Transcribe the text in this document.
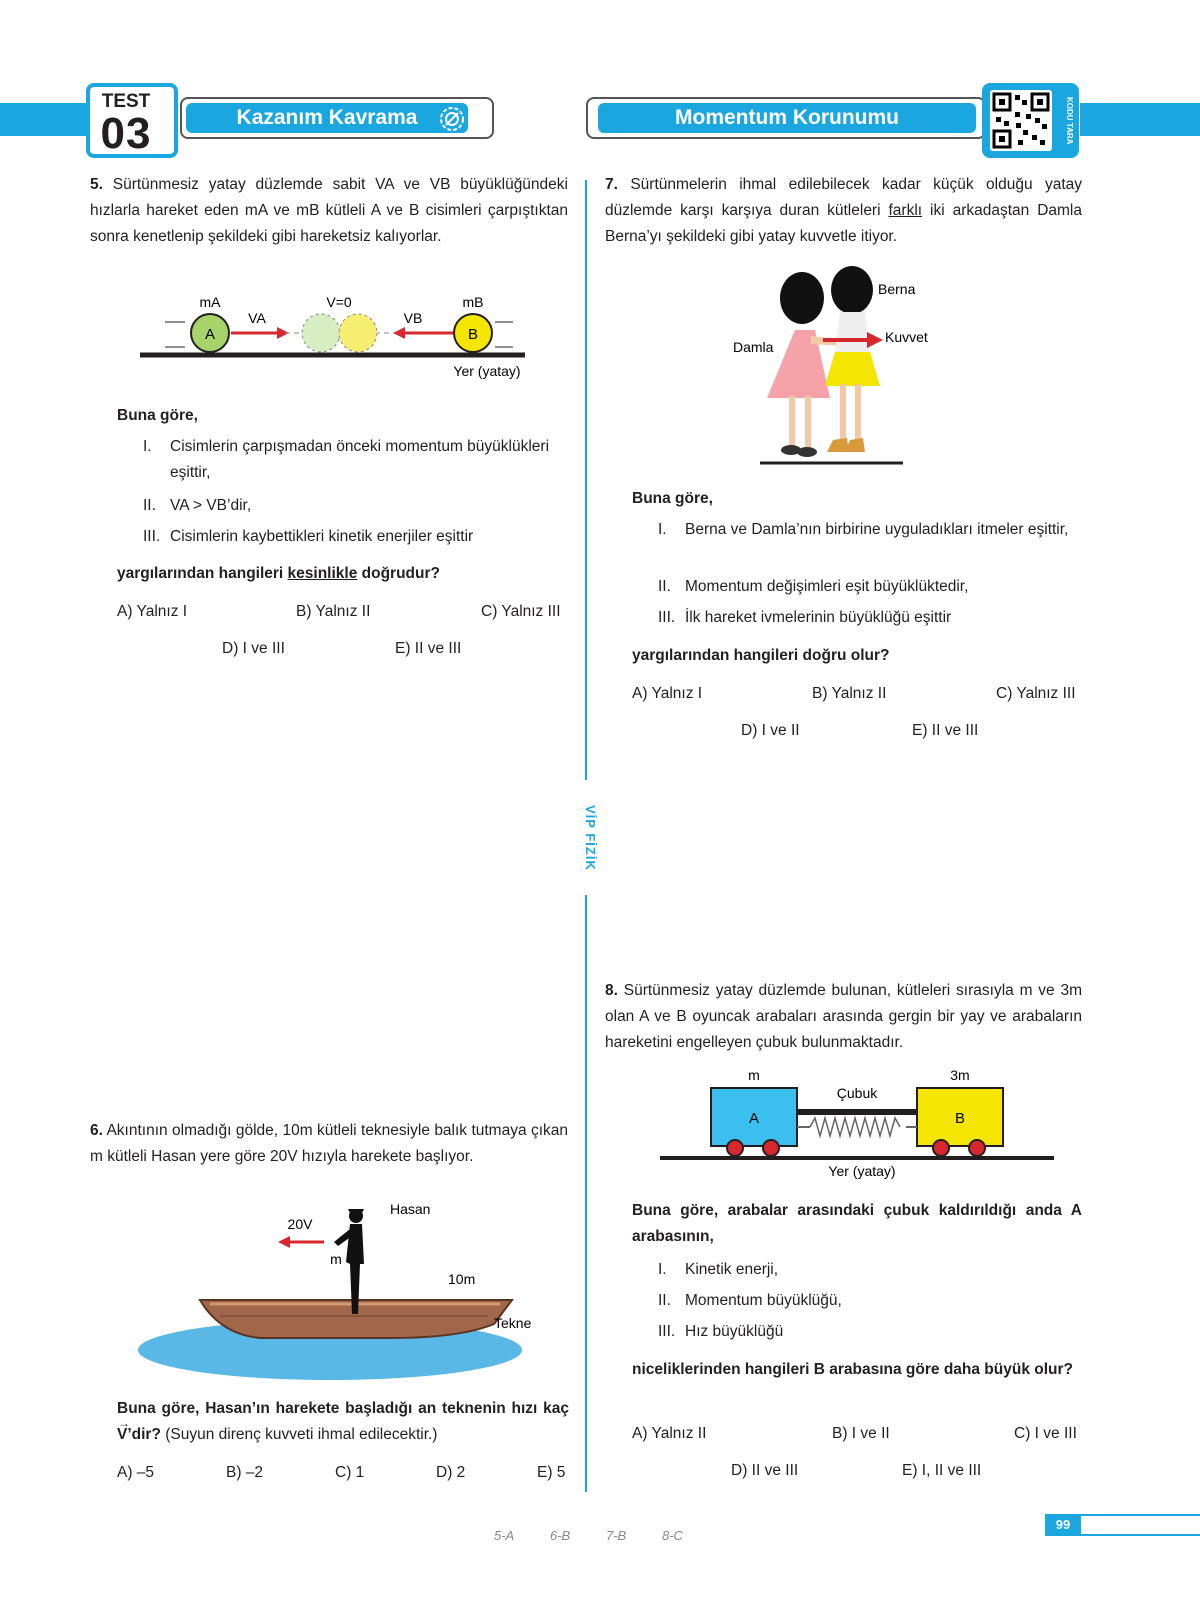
TEST
03	Kazanım Kavrama	Momentum Korunumu	KODU TARA
VİP FİZİK
5. Sürtünmesiz yatay düzlemde sabit VA ve VB büyüklüğündeki hızlarla hareket eden mA ve mB kütleli A ve B cisimleri çarpıştıktan sonra kenetlenip şekildeki gibi hareketsiz kalıyorlar.
A
mA
VA
V=0
VB
B
mB
Yer (yatay)
Buna göre,
I. Cisimlerin çarpışmadan önceki momentum büyüklükleri eşittir,
II. VA > VB’dir,
III. Cisimlerin kaybettikleri kinetik enerjiler eşittir
yargılarından hangileri kesinlikle doğrudur?
A) Yalnız I	B) Yalnız II	C) Yalnız III
D) I ve III	E) II ve III
6. Akıntının olmadığı gölde, 10m kütleli teknesiyle balık tutmaya çıkan m kütleli Hasan yere göre 20V hızıyla harekete başlıyor.
20V
m
Hasan
10m
Tekne
Buna göre, Hasan’ın harekete başladığı an teknenin hızı kaç
→
V’dir? (Suyun direnç kuvveti ihmal edilecektir.)
A) –5	B) –2	C) 1	D) 2	E) 5
7. Sürtünmelerin ihmal edilebilecek kadar küçük olduğu yatay düzlemde karşı karşıya duran kütleleri farklı iki arkadaştan Damla Berna’yı şekildeki gibi yatay kuvvetle itiyor.
Berna
Damla
Kuvvet
Buna göre,
I. Berna ve Damla’nın birbirine uyguladıkları itmeler eşittir,
II. Momentum değişimleri eşit büyüklüktedir,
III. İlk hareket ivmelerinin büyüklüğü eşittir
yargılarından hangileri doğru olur?
A) Yalnız I	B) Yalnız II	C) Yalnız III
D) I ve II	E) II ve III
8. Sürtünmesiz yatay düzlemde bulunan, kütleleri sırasıyla m ve 3m olan A ve B oyuncak arabaları arasında gergin bir yay ve arabaların hareketini engelleyen çubuk bulunmaktadır.
A	B
m	3m
Çubuk
Yer (yatay)
Buna göre, arabalar arasındaki çubuk kaldırıldığı anda A arabasının,
I. Kinetik enerji,
II. Momentum büyüklüğü,
III. Hız büyüklüğü
niceliklerinden hangileri B arabasına göre daha büyük olur?
A) Yalnız II	B) I ve II	C) I ve III
D) II ve III	E) I, II ve III
5-A	6-B	7-B	8-C
99
